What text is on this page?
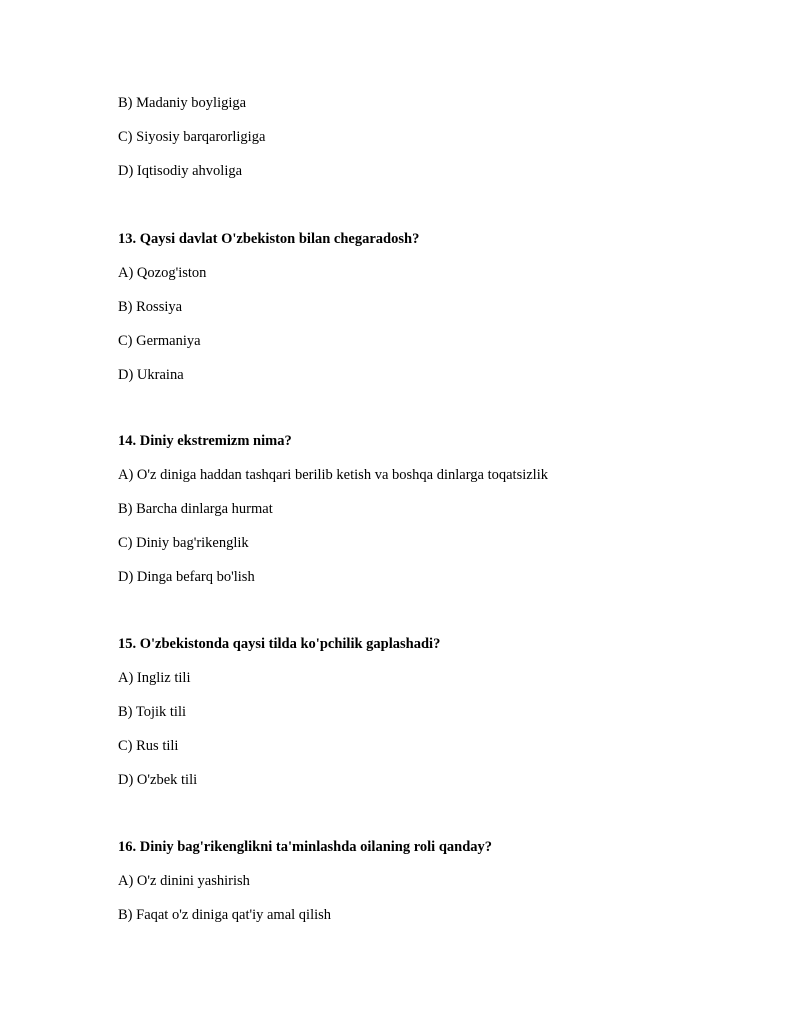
B) Madaniy boyligiga
C) Siyosiy barqarorligiga
D) Iqtisodiy ahvoliga
13. Qaysi davlat O'zbekiston bilan chegaradosh?
A) Qozog'iston
B) Rossiya
C) Germaniya
D) Ukraina
14. Diniy ekstremizm nima?
A) O'z diniga haddan tashqari berilib ketish va boshqa dinlarga toqatsizlik
B) Barcha dinlarga hurmat
C) Diniy bag'rikenglik
D) Dinga befarq bo'lish
15. O'zbekistonda qaysi tilda ko'pchilik gaplashadi?
A) Ingliz tili
B) Tojik tili
C) Rus tili
D) O'zbek tili
16. Diniy bag'rikenglikni ta'minlashda oilaning roli qanday?
A) O'z dinini yashirish
B) Faqat o'z diniga qat'iy amal qilish
